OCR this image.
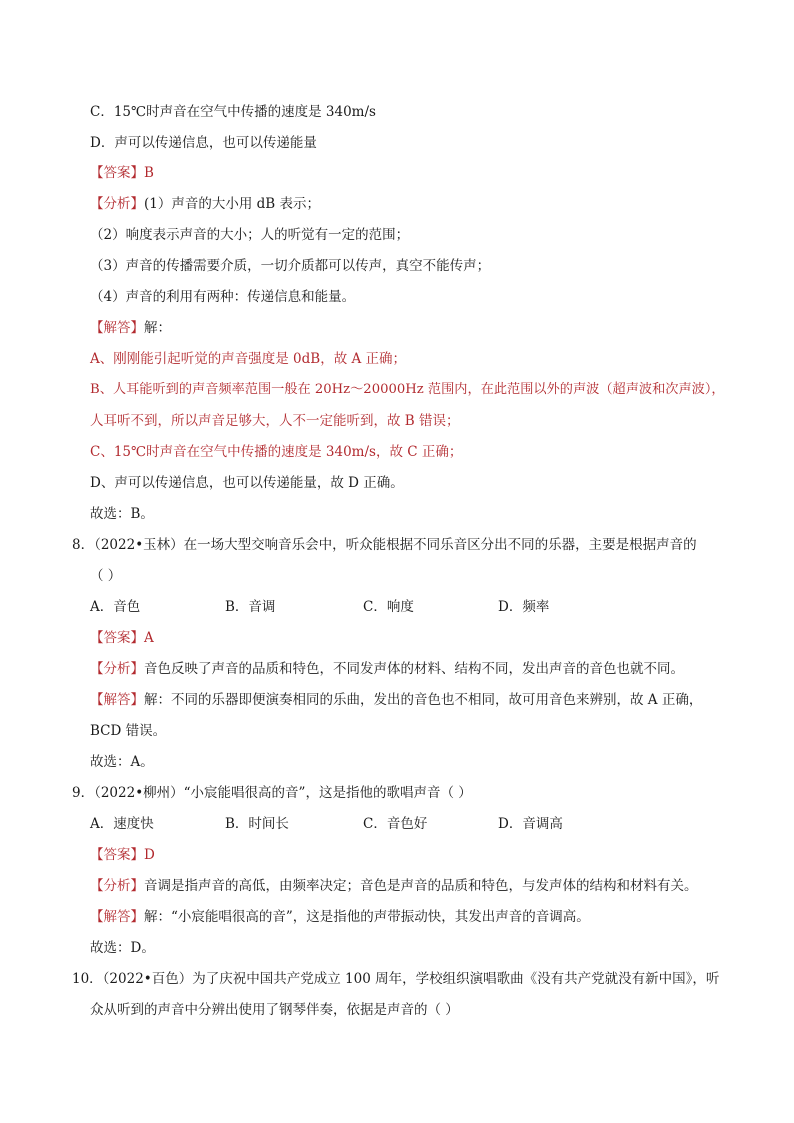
C．15℃时声音在空气中传播的速度是 340m/s
D．声可以传递信息，也可以传递能量
【答案】B
【分析】(1）声音的大小用 dB 表示；
（2）响度表示声音的大小；人的听觉有一定的范围；
（3）声音的传播需要介质，一切介质都可以传声，真空不能传声；
（4）声音的利用有两种：传递信息和能量。
【解答】解：
A、刚刚能引起听觉的声音强度是 0dB，故 A 正确；
B、人耳能听到的声音频率范围一般在 20Hz～20000Hz 范围内，在此范围以外的声波（超声波和次声波），
人耳听不到，所以声音足够大，人不一定能听到，故 B 错误；
C、15℃时声音在空气中传播的速度是 340m/s，故 C 正确；
D、声可以传递信息，也可以传递能量，故 D 正确。
故选：B。
8．（2022•玉林）在一场大型交响音乐会中，听众能根据不同乐音区分出不同的乐器，主要是根据声音的
（ ）
A．音色	B．音调	C．响度	D．频率
【答案】A
【分析】音色反映了声音的品质和特色，不同发声体的材料、结构不同，发出声音的音色也就不同。
【解答】解：不同的乐器即便演奏相同的乐曲，发出的音色也不相同，故可用音色来辨别，故 A 正确，
BCD 错误。
故选：A。
9．（2022•柳州）“小宸能唱很高的音”，这是指他的歌唱声音（ ）
A．速度快	B．时间长	C．音色好	D．音调高
【答案】D
【分析】音调是指声音的高低，由频率决定；音色是声音的品质和特色，与发声体的结构和材料有关。
【解答】解：“小宸能唱很高的音”，这是指他的声带振动快，其发出声音的音调高。
故选：D。
10．（2022•百色）为了庆祝中国共产党成立 100 周年，学校组织演唱歌曲《没有共产党就没有新中国》，听
众从听到的声音中分辨出使用了钢琴伴奏，依据是声音的（ ）
